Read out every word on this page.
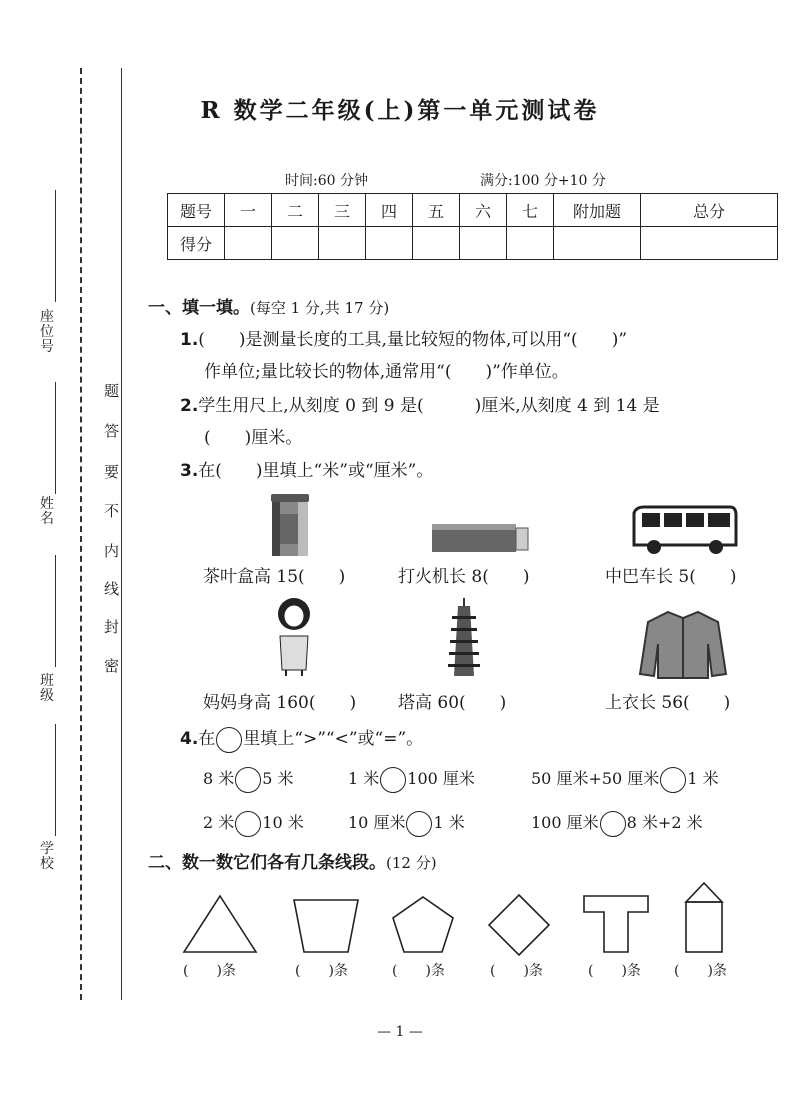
座
位
号
姓
名
班
级
学
校
密
封
线
内
不
要
答
题
R 数学二年级(上)第一单元测试卷
时间:60 分钟	满分:100 分+10 分
题号	一	二	三	四	五	六	七	附加题	总分
得分									
一、填一填。(每空 1 分,共 17 分)
1.(　　)是测量长度的工具,量比较短的物体,可以用“(　　)”
作单位;量比较长的物体,通常用“(　　)”作单位。
2.学生用尺上,从刻度 0 到 9 是(　　　)厘米,从刻度 4 到 14 是
(　　)厘米。
3.在(　　)里填上“米”或“厘米”。
茶叶盒高 15(　　)	打火机长 8(　　)	中巴车长 5(　　)
妈妈身高 160(　　) 塔高 60(　　)	上衣长 56(　　)
4.在 里填上“>”“<”或“=”。
8 米 5 米	1 米 100 厘米	50 厘米+50 厘米 1 米
2 米 10 米	10 厘米 1 米	100 厘米 8 米+2 米
二、数一数它们各有几条线段。(12 分)
(　　)条	(　　)条	(　　)条	(　　)条	(　　)条 (　　)条
— 1 —
